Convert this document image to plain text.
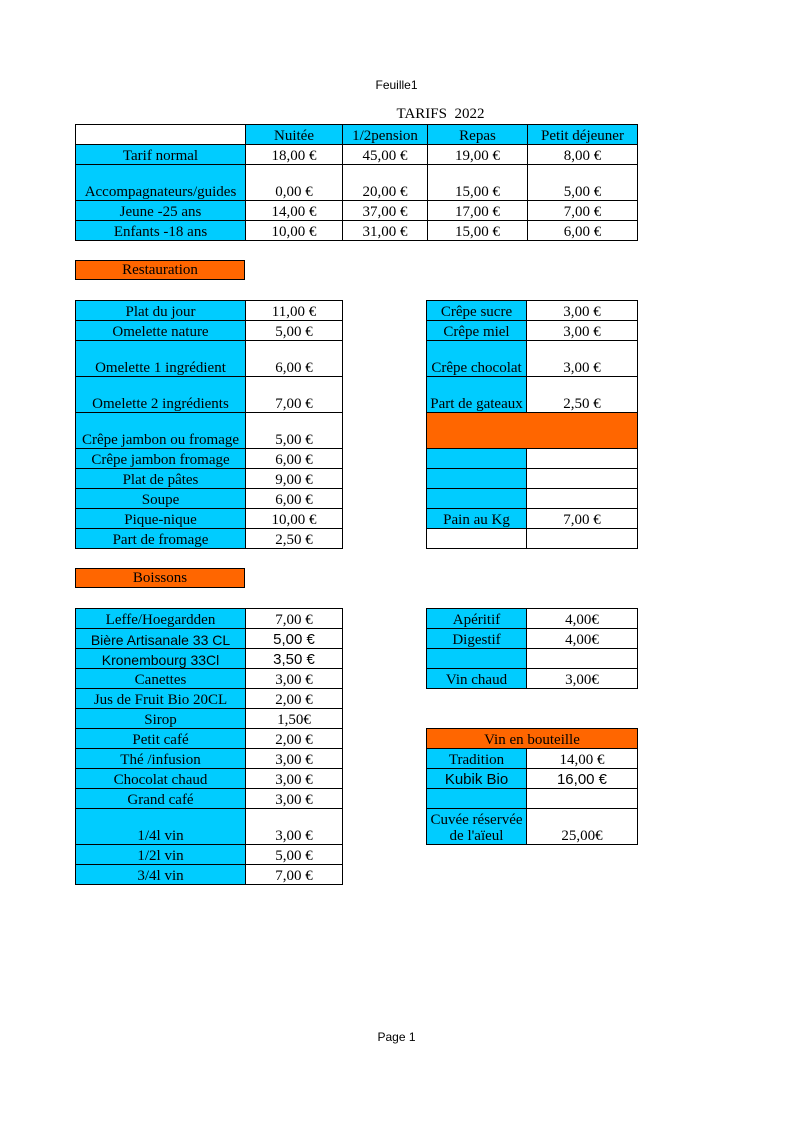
Feuille1
TARIFS  2022
	Nuitée	1/2pension	Repas	Petit déjeuner
Tarif normal	18,00 €	45,00 €	19,00 €	8,00 €
Accompagnateurs/guides	0,00 €	20,00 €	15,00 €	5,00 €
Jeune -25 ans	14,00 €	37,00 €	17,00 €	7,00 €
Enfants -18 ans	10,00 €	31,00 €	15,00 €	6,00 €
Restauration
Plat du jour	11,00 €
Omelette nature	5,00 €
Omelette 1 ingrédient	6,00 €
Omelette 2 ingrédients	7,00 €
Crêpe jambon ou fromage	5,00 €
Crêpe jambon fromage	6,00 €
Plat de pâtes	9,00 €
Soupe	6,00 €
Pique-nique	10,00 €
Part de fromage	2,50 €
Crêpe sucre	3,00 €
Crêpe miel	3,00 €
Crêpe chocolat	3,00 €
Part de gateaux	2,50 €

Pain au Kg	7,00 €

Boissons
Leffe/Hoegardden	7,00 €
Bière Artisanale 33 CL	5,00 €
Kronembourg 33Cl	3,50 €
Canettes	3,00 €
Jus de Fruit Bio 20CL	2,00 €
Sirop	1,50€
Petit café	2,00 €
Thé /infusion	3,00 €
Chocolat chaud	3,00 €
Grand café	3,00 €
1/4l vin	3,00 €
1/2l vin	5,00 €
3/4l vin	7,00 €
Apéritif	4,00€
Digestif	4,00€

Vin chaud	3,00€
Vin en bouteille	
Tradition	14,00 €
Kubik Bio	16,00 €

Cuvée réservée de l'aïeul	25,00€
Page 1
